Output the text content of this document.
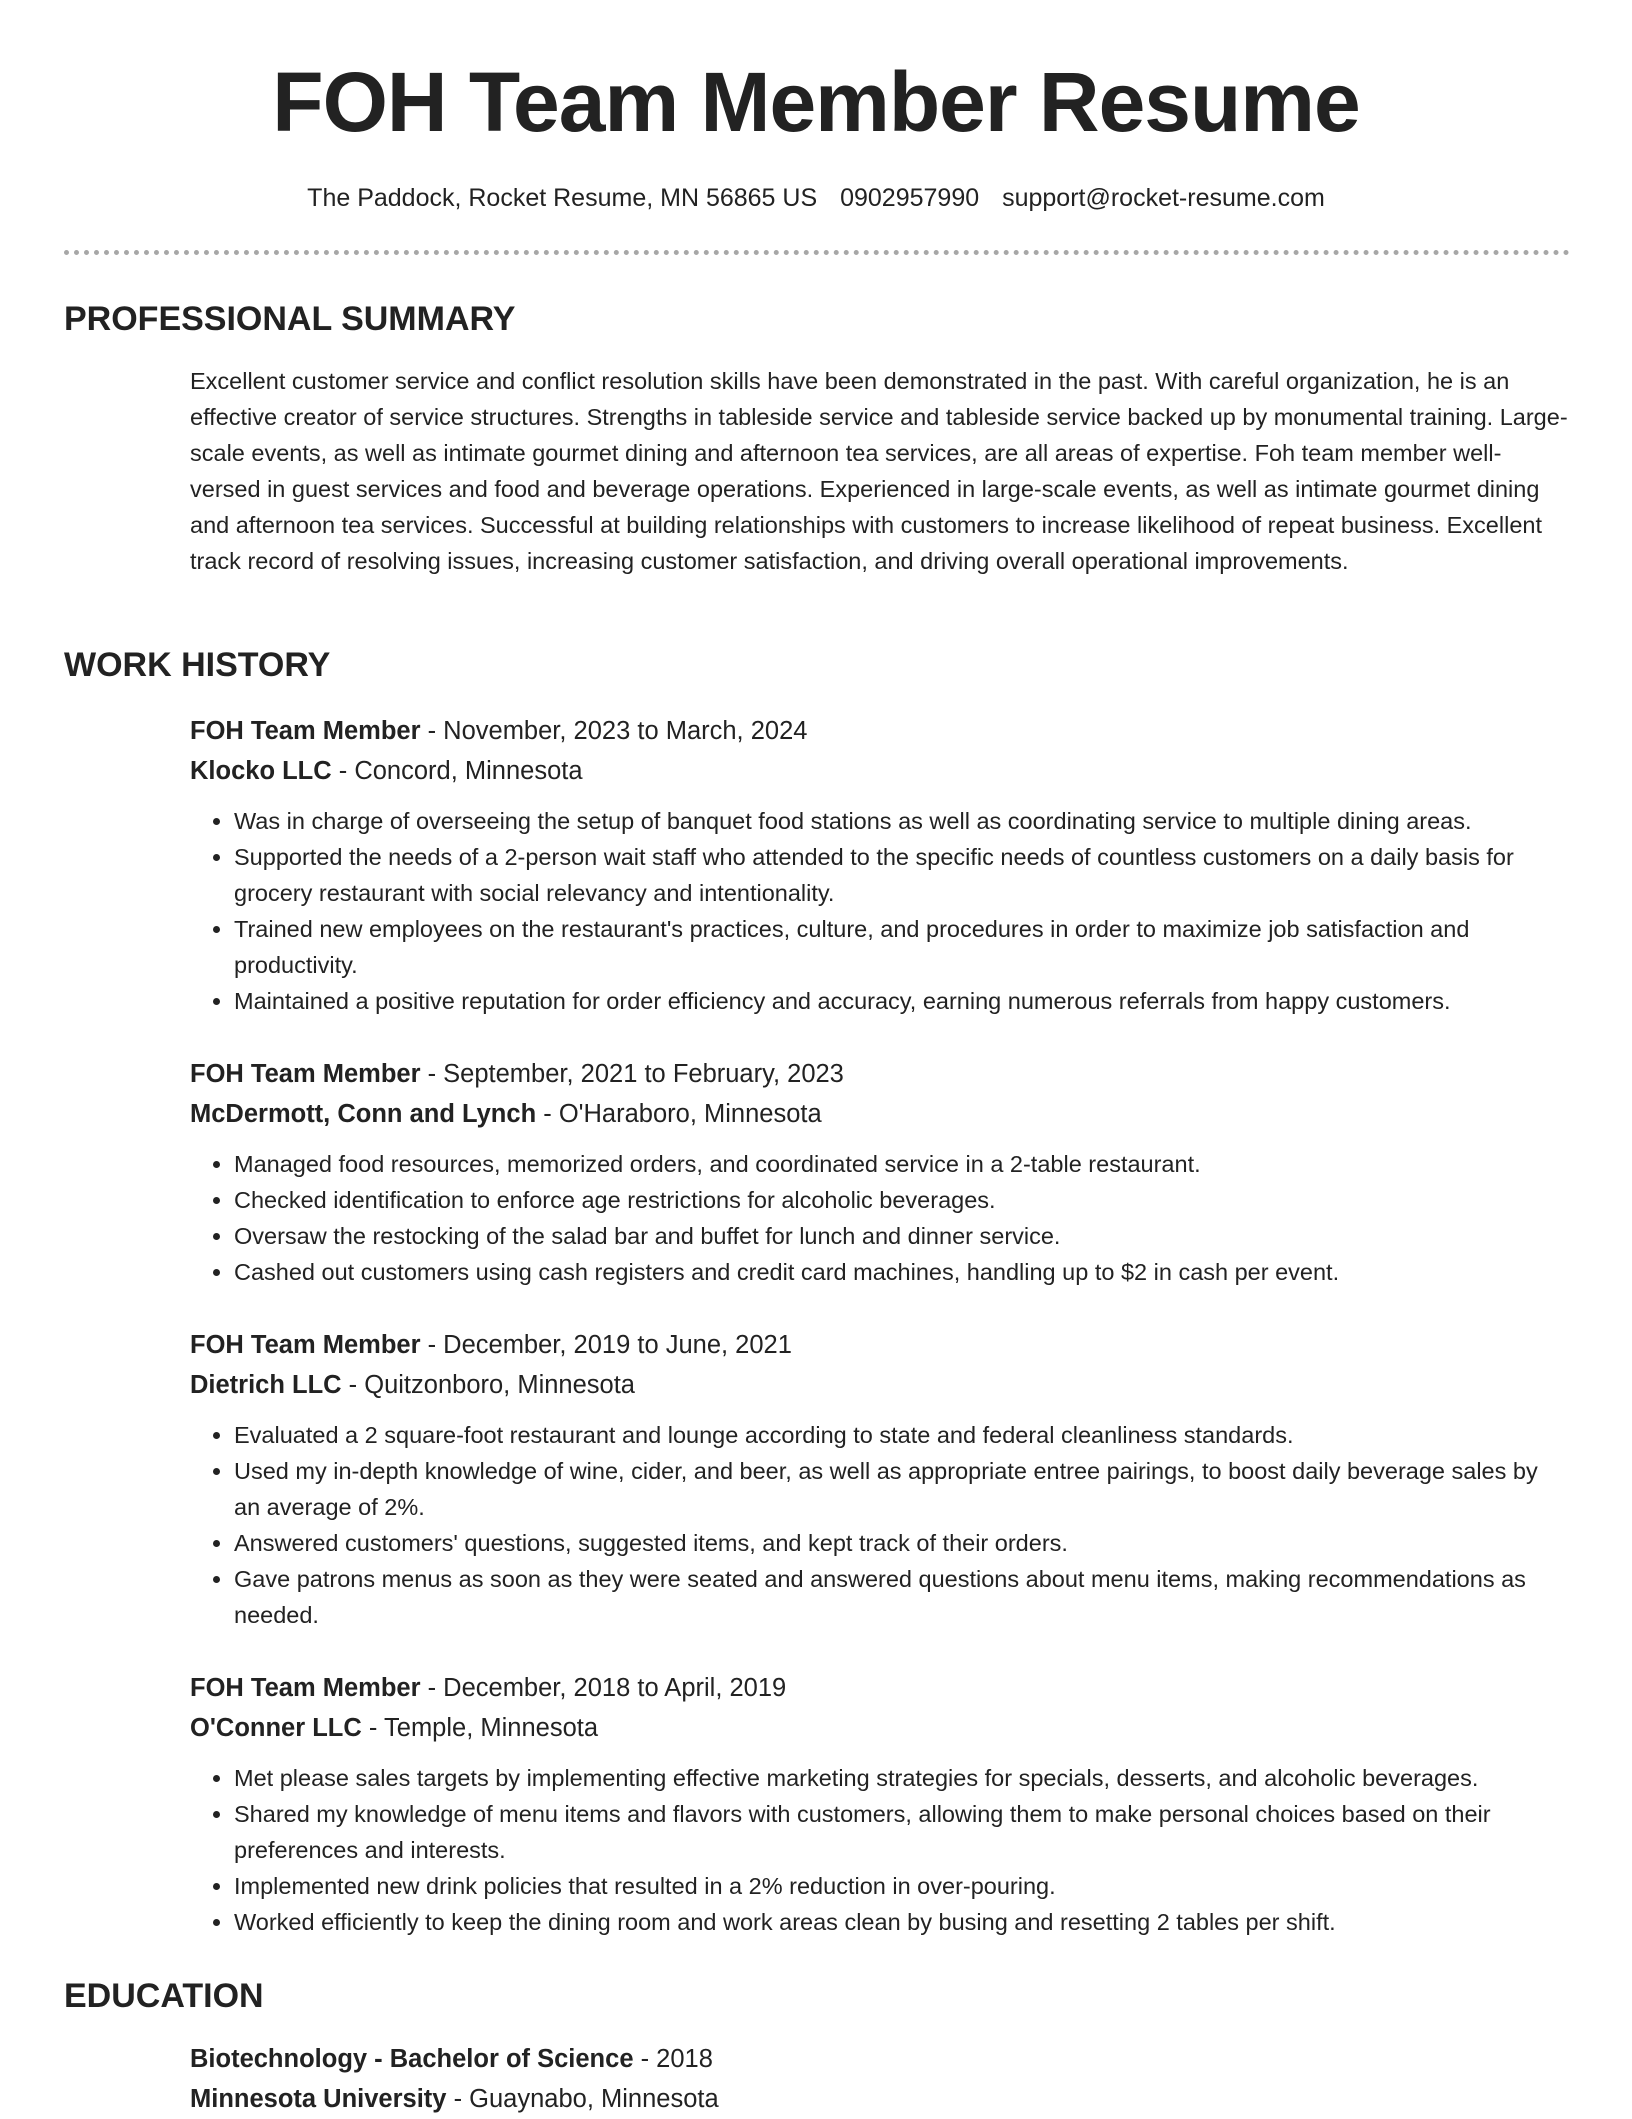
FOH Team Member Resume
The Paddock, Rocket Resume, MN 56865 US 0902957990 support@rocket-resume.com
PROFESSIONAL SUMMARY

Excellent customer service and conflict resolution skills have been demonstrated in the past. With careful organization, he is an effective creator of service structures. Strengths in tableside service and tableside service backed up by monumental training. Large-scale events, as well as intimate gourmet dining and afternoon tea services, are all areas of expertise. Foh team member well-versed in guest services and food and beverage operations. Experienced in large-scale events, as well as intimate gourmet dining and afternoon tea services. Successful at building relationships with customers to increase likelihood of repeat business. Excellent track record of resolving issues, increasing customer satisfaction, and driving overall operational improvements.

WORK HISTORY

FOH Team Member - November, 2023 to March, 2024

Klocko LLC - Concord, Minnesota

• Was in charge of overseeing the setup of banquet food stations as well as coordinating service to multiple dining areas.
• Supported the needs of a 2-person wait staff who attended to the specific needs of countless customers on a daily basis for grocery restaurant with social relevancy and intentionality.
• Trained new employees on the restaurant's practices, culture, and procedures in order to maximize job satisfaction and productivity.
• Maintained a positive reputation for order efficiency and accuracy, earning numerous referrals from happy customers.

FOH Team Member - September, 2021 to February, 2023

McDermott, Conn and Lynch - O'Haraboro, Minnesota

• Managed food resources, memorized orders, and coordinated service in a 2-table restaurant.
• Checked identification to enforce age restrictions for alcoholic beverages.
• Oversaw the restocking of the salad bar and buffet for lunch and dinner service.
• Cashed out customers using cash registers and credit card machines, handling up to $2 in cash per event.

FOH Team Member - December, 2019 to June, 2021

Dietrich LLC - Quitzonboro, Minnesota

• Evaluated a 2 square-foot restaurant and lounge according to state and federal cleanliness standards.
• Used my in-depth knowledge of wine, cider, and beer, as well as appropriate entree pairings, to boost daily beverage sales by an average of 2%.
• Answered customers' questions, suggested items, and kept track of their orders.
• Gave patrons menus as soon as they were seated and answered questions about menu items, making recommendations as needed.

FOH Team Member - December, 2018 to April, 2019

O'Conner LLC - Temple, Minnesota

• Met please sales targets by implementing effective marketing strategies for specials, desserts, and alcoholic beverages.
• Shared my knowledge of menu items and flavors with customers, allowing them to make personal choices based on their preferences and interests.
• Implemented new drink policies that resulted in a 2% reduction in over-pouring.
• Worked efficiently to keep the dining room and work areas clean by busing and resetting 2 tables per shift.
EDUCATION

Biotechnology - Bachelor of Science - 2018

Minnesota University - Guaynabo, Minnesota
